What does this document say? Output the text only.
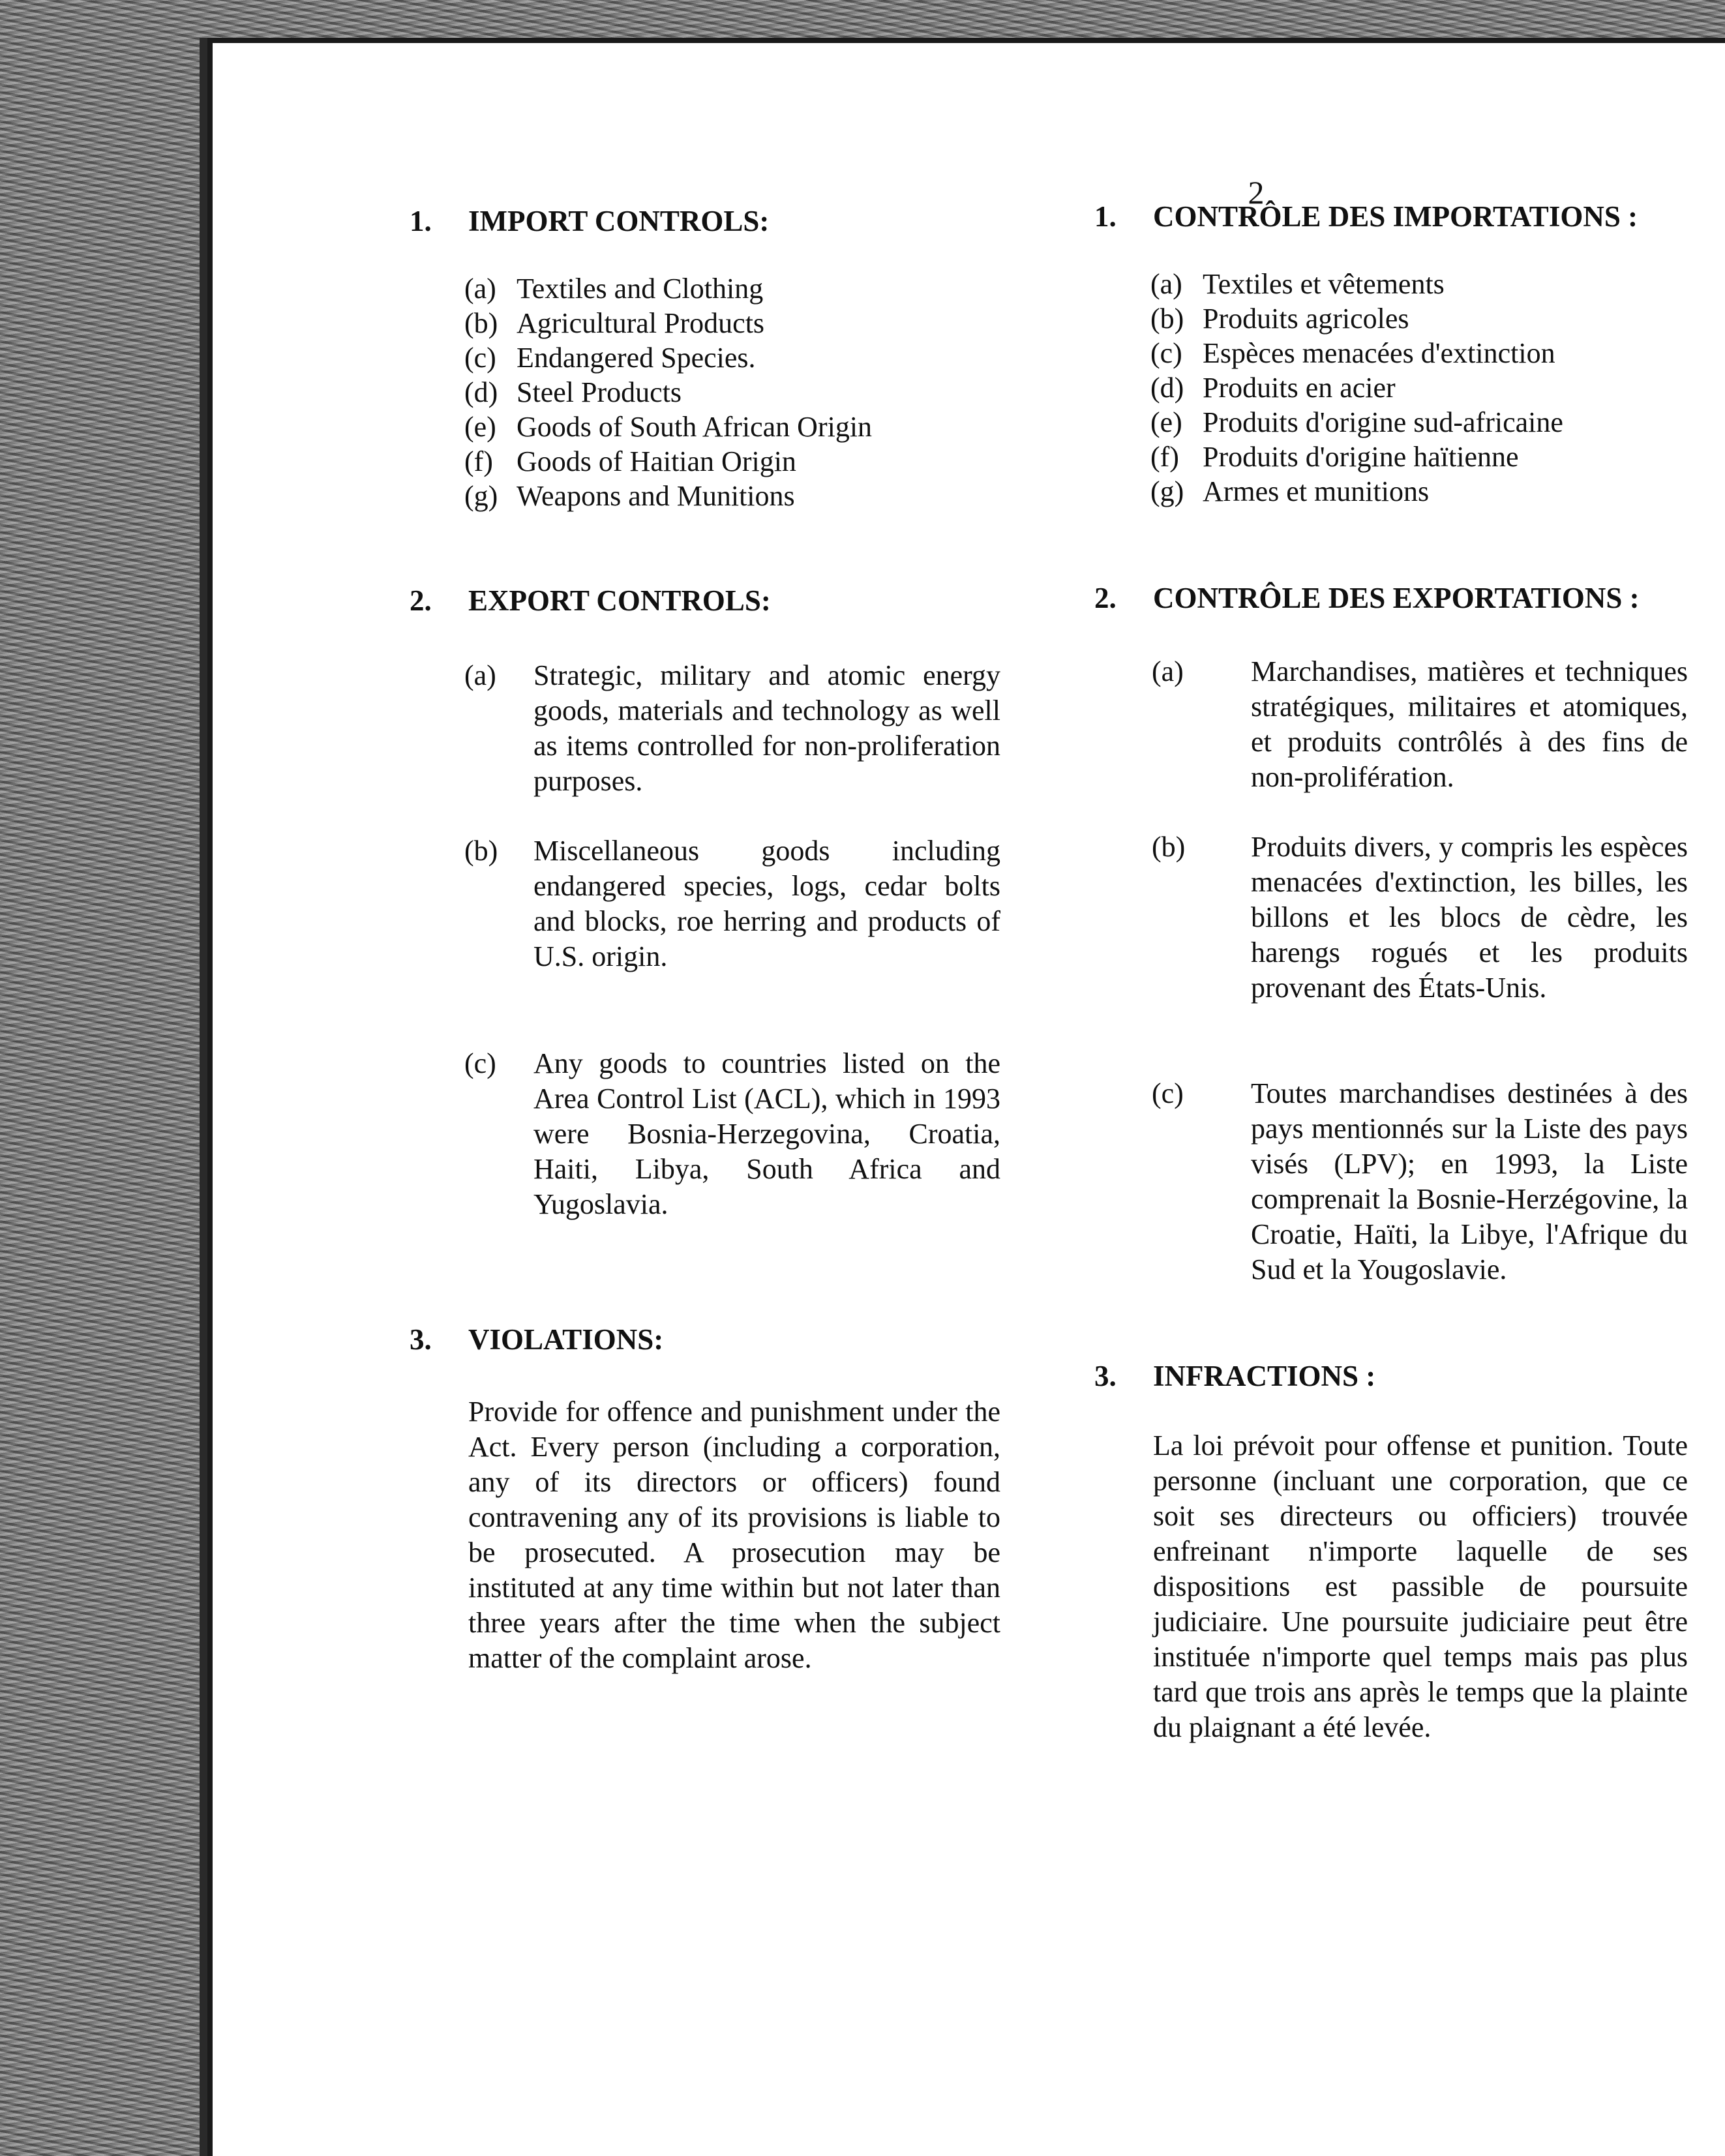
2
1. IMPORT CONTROLS:
(a) Textiles and Clothing
(b) Agricultural Products
(c) Endangered Species.
(d) Steel Products
(e) Goods of South African Origin
(f) Goods of Haitian Origin
(g) Weapons and Munitions
2. EXPORT CONTROLS:
(a) Strategic, military and atomic energy goods, materials and technology as well as items controlled for non-proliferation purposes.
(b) Miscellaneous goods including endangered species, logs, cedar bolts and blocks, roe herring and products of U.S. origin.
(c) Any goods to countries listed on the Area Control List (ACL), which in 1993 were Bosnia-Herzegovina, Croatia, Haiti, Libya, South Africa and Yugoslavia.
3. VIOLATIONS:
Provide for offence and punishment under the Act. Every person (including a corporation, any of its directors or officers) found contravening any of its provisions is liable to be prosecuted. A prosecution may be instituted at any time within but not later than three years after the time when the subject matter of the complaint arose.
1. CONTRÔLE DES IMPORTATIONS :
(a) Textiles et vêtements
(b) Produits agricoles
(c) Espèces menacées d'extinction
(d) Produits en acier
(e) Produits d'origine sud-africaine
(f) Produits d'origine haïtienne
(g) Armes et munitions
2. CONTRÔLE DES EXPORTATIONS :
(a) Marchandises, matières et techniques stratégiques, militaires et atomiques, et produits contrôlés à des fins de non-prolifération.
(b) Produits divers, y compris les espèces menacées d'extinction, les billes, les billons et les blocs de cèdre, les harengs rogués et les produits provenant des États-Unis.
(c) Toutes marchandises destinées à des pays mentionnés sur la Liste des pays visés (LPV); en 1993, la Liste comprenait la Bosnie-Herzégovine, la Croatie, Haïti, la Libye, l'Afrique du Sud et la Yougoslavie.
3. INFRACTIONS :
La loi prévoit pour offense et punition. Toute personne (incluant une corporation, que ce soit ses directeurs ou officiers) trouvée enfreinant n'importe laquelle de ses dispositions est passible de poursuite judiciaire. Une poursuite judiciaire peut être instituée n'importe quel temps mais pas plus tard que trois ans après le temps que la plainte du plaignant a été levée.
